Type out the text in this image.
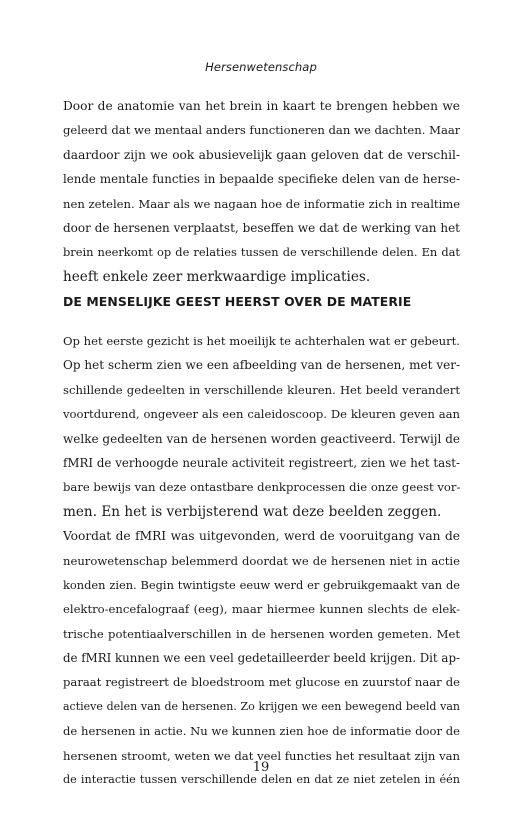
Hersenwetenschap
Door de anatomie van het brein in kaart te brengen hebben we
geleerd dat we mentaal anders functioneren dan we dachten. Maar
daardoor zijn we ook abusievelijk gaan geloven dat de verschil-
lende mentale functies in bepaalde specifieke delen van de herse-
nen zetelen. Maar als we nagaan hoe de informatie zich in realtime
door de hersenen verplaatst, beseffen we dat de werking van het
brein neerkomt op de relaties tussen de verschillende delen. En dat
heeft enkele zeer merkwaardige implicaties.
DE MENSELIJKE GEEST HEERST OVER DE MATERIE
Op het eerste gezicht is het moeilijk te achterhalen wat er gebeurt.
Op het scherm zien we een afbeelding van de hersenen, met ver-
schillende gedeelten in verschillende kleuren. Het beeld verandert
voortdurend, ongeveer als een caleidoscoop. De kleuren geven aan
welke gedeelten van de hersenen worden geactiveerd. Terwijl de
fMRI de verhoogde neurale activiteit registreert, zien we het tast-
bare bewijs van deze ontastbare denkprocessen die onze geest vor-
men. En het is verbijsterend wat deze beelden zeggen.
Voordat de fMRI was uitgevonden, werd de vooruitgang van de
neurowetenschap belemmerd doordat we de hersenen niet in actie
konden zien. Begin twintigste eeuw werd er gebruikgemaakt van de
elektro-encefalograaf (eeg), maar hiermee kunnen slechts de elek-
trische potentiaalverschillen in de hersenen worden gemeten. Met
de fMRI kunnen we een veel gedetailleerder beeld krijgen. Dit ap-
paraat registreert de bloedstroom met glucose en zuurstof naar de
actieve delen van de hersenen. Zo krijgen we een bewegend beeld van
de hersenen in actie. Nu we kunnen zien hoe de informatie door de
hersenen stroomt, weten we dat veel functies het resultaat zijn van
de interactie tussen verschillende delen en dat ze niet zetelen in één
19
